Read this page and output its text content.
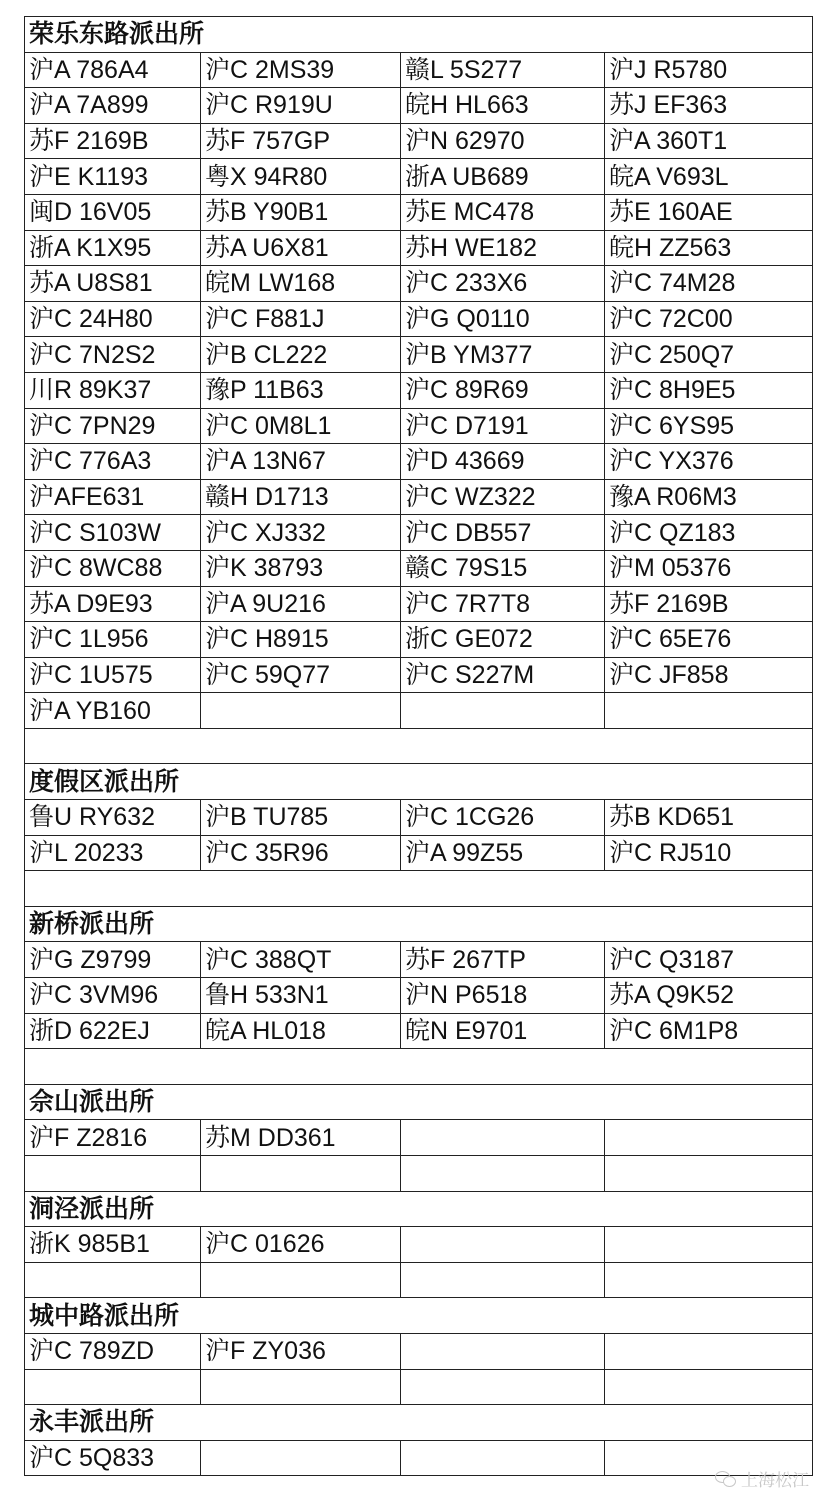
荣乐东路派出所			
沪A 786A4	沪C 2MS39	赣L 5S277	沪J R5780
沪A 7A899	沪C R919U	皖H HL663	苏J EF363
苏F 2169B	苏F 757GP	沪N 62970	沪A 360T1
沪E K1193	粤X 94R80	浙A UB689	皖A V693L
闽D 16V05	苏B Y90B1	苏E MC478	苏E 160AE
浙A K1X95	苏A U6X81	苏H WE182	皖H ZZ563
苏A U8S81	皖M LW168	沪C 233X6	沪C 74M28
沪C 24H80	沪C F881J	沪G Q0110	沪C 72C00
沪C 7N2S2	沪B CL222	沪B YM377	沪C 250Q7
川R 89K37	豫P 11B63	沪C 89R69	沪C 8H9E5
沪C 7PN29	沪C 0M8L1	沪C D7191	沪C 6YS95
沪C 776A3	沪A 13N67	沪D 43669	沪C YX376
沪AFE631	赣H D1713	沪C WZ322	豫A R06M3
沪C S103W	沪C XJ332	沪C DB557	沪C QZ183
沪C 8WC88	沪K 38793	赣C 79S15	沪M 05376
苏A D9E93	沪A 9U216	沪C 7R7T8	苏F 2169B
沪C 1L956	沪C H8915	浙C GE072	沪C 65E76
沪C 1U575	沪C 59Q77	沪C S227M	沪C JF858
沪A YB160			

度假区派出所			
鲁U RY632	沪B TU785	沪C 1CG26	苏B KD651
沪L 20233	沪C 35R96	沪A 99Z55	沪C RJ510

新桥派出所			
沪G Z9799	沪C 388QT	苏F 267TP	沪C Q3187
沪C 3VM96	鲁H 533N1	沪N P6518	苏A Q9K52
浙D 622EJ	皖A HL018	皖N E9701	沪C 6M1P8

佘山派出所			
沪F Z2816	苏M DD361		

洞泾派出所			
浙K 985B1	沪C 01626		

城中路派出所			
沪C 789ZD	沪F ZY036		

永丰派出所			
沪C 5Q833			
上海松江
